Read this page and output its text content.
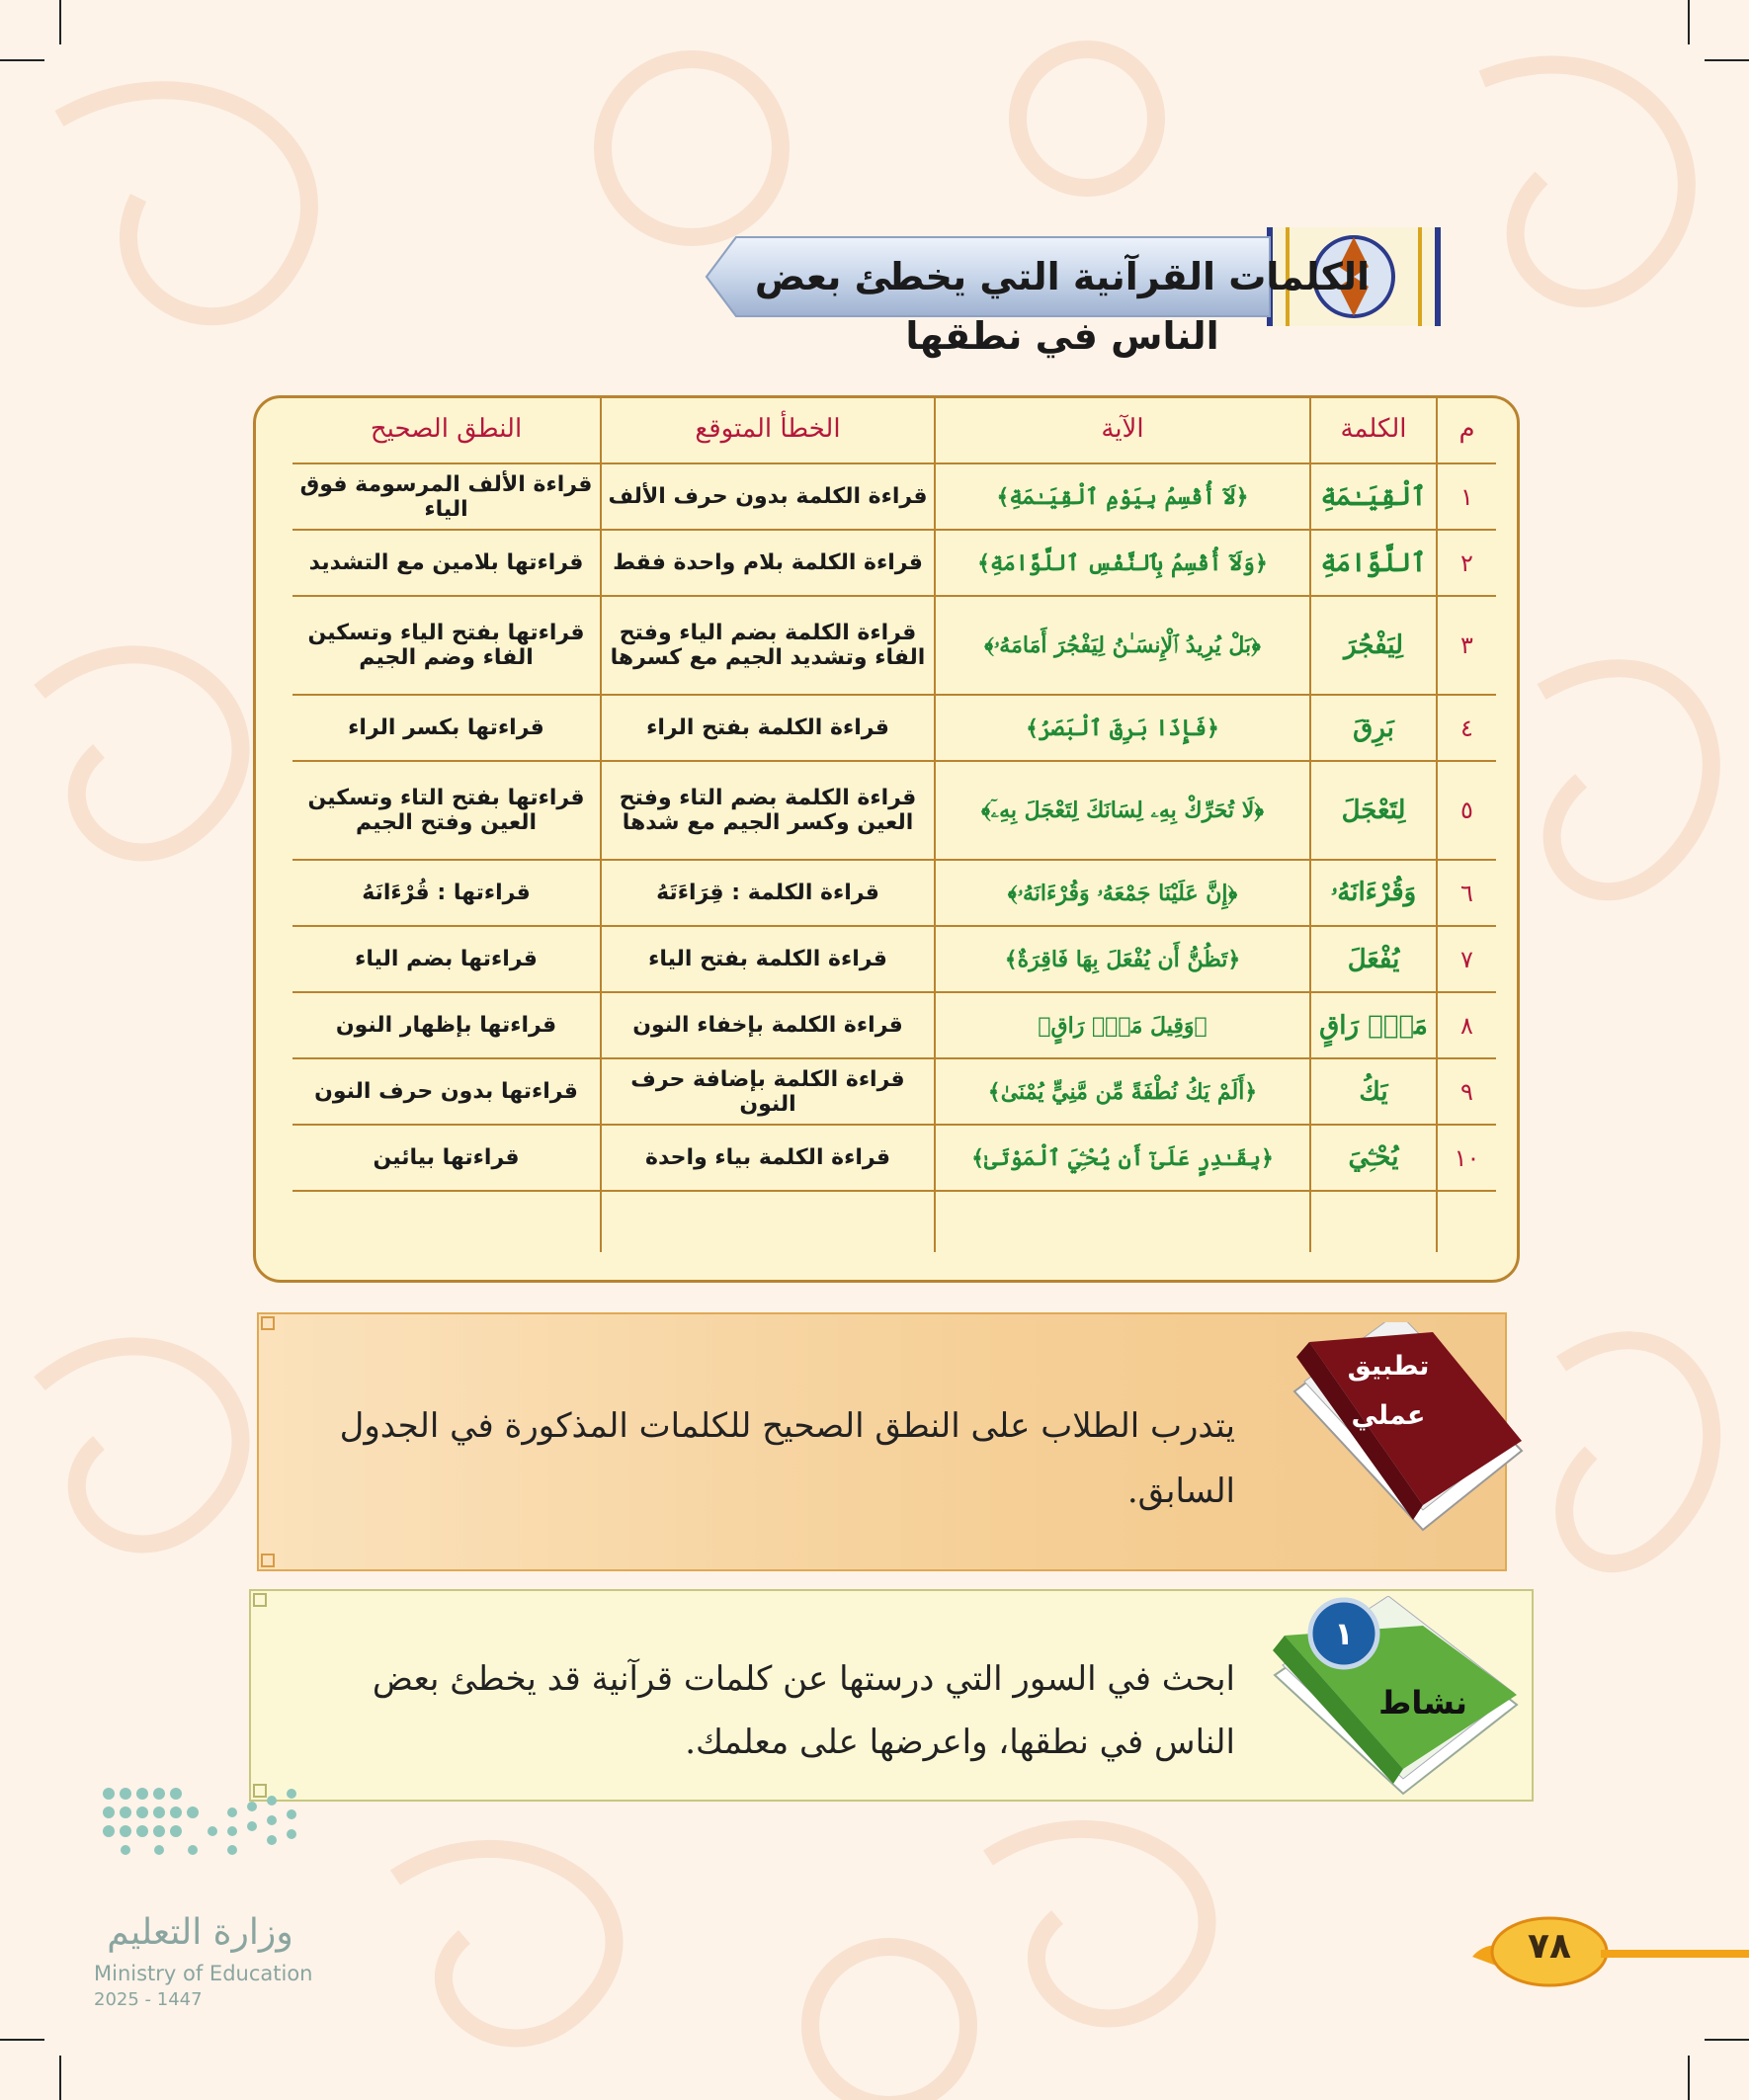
الكلمات القرآنية التي يخطئ بعض الناس في نطقها
م	الكلمة	الآية	الخطأ المتوقع	النطق الصحيح
١	ٱلْقِيَـٰمَةِ	﴿لَآ أُقْسِمُ بِيَوْمِ ٱلْقِيَـٰمَةِ﴾	قراءة الكلمة بدون حرف الألف	قراءة الألف المرسومة فوق الياء
٢	ٱللَّوَّامَةِ	﴿وَلَآ أُقْسِمُ بِٱلنَّفْسِ ٱللَّوَّامَةِ﴾	قراءة الكلمة بلام واحدة فقط	قراءتها بلامين مع التشديد
٣	لِيَفْجُرَ	﴿بَلْ يُرِيدُ ٱلْإِنسَـٰنُ لِيَفْجُرَ أَمَامَهُۥ﴾	قراءة الكلمة بضم الياء وفتح الفاء وتشديد الجيم مع كسرها	قراءتها بفتح الياء وتسكين الفاء وضم الجيم
٤	بَرِقَ	﴿فَإِذَا بَرِقَ ٱلْبَصَرُ﴾	قراءة الكلمة بفتح الراء	قراءتها بكسر الراء
٥	لِتَعْجَلَ	﴿لَا تُحَرِّكْ بِهِۦ لِسَانَكَ لِتَعْجَلَ بِهِۦٓ﴾	قراءة الكلمة بضم التاء وفتح العين وكسر الجيم مع شدها	قراءتها بفتح التاء وتسكين العين وفتح الجيم
٦	وَقُرْءَانَهُۥ	﴿إِنَّ عَلَيْنَا جَمْعَهُۥ وَقُرْءَانَهُۥ﴾	قراءة الكلمة : قِرَاءَتَهُ	قراءتها : قُرْءَانَهُ
٧	يُفْعَلَ	﴿تَظُنُّ أَن يُفْعَلَ بِهَا فَاقِرَةٌ﴾	قراءة الكلمة بفتح الياء	قراءتها بضم الياء
٨	مَنْۜ رَاقٍ	﴿وَقِيلَ مَنْۜ رَاقٍ﴾	قراءة الكلمة بإخفاء النون	قراءتها بإظهار النون
٩	يَكُ	﴿أَلَمْ يَكُ نُطْفَةً مِّن مَّنِيٍّ يُمْنَىٰ﴾	قراءة الكلمة بإضافة حرف النون	قراءتها بدون حرف النون
١٠	يُحْـِۧيَ	﴿بِقَـٰدِرٍ عَلَىٰٓ أَن يُحْـِۧيَ ٱلْمَوْتَىٰ﴾	قراءة الكلمة بياء واحدة	قراءتها بيائين

يتدرب الطلاب على النطق الصحيح للكلمات المذكورة في الجدول السابق.
تطبيق
عملي
ابحث في السور التي درستها عن كلمات قرآنية قد يخطئ بعض الناس في نطقها، واعرضها على معلمك.
١
نشاط
وزارة التعليم
Ministry of Education
2025 - 1447
٧٨
